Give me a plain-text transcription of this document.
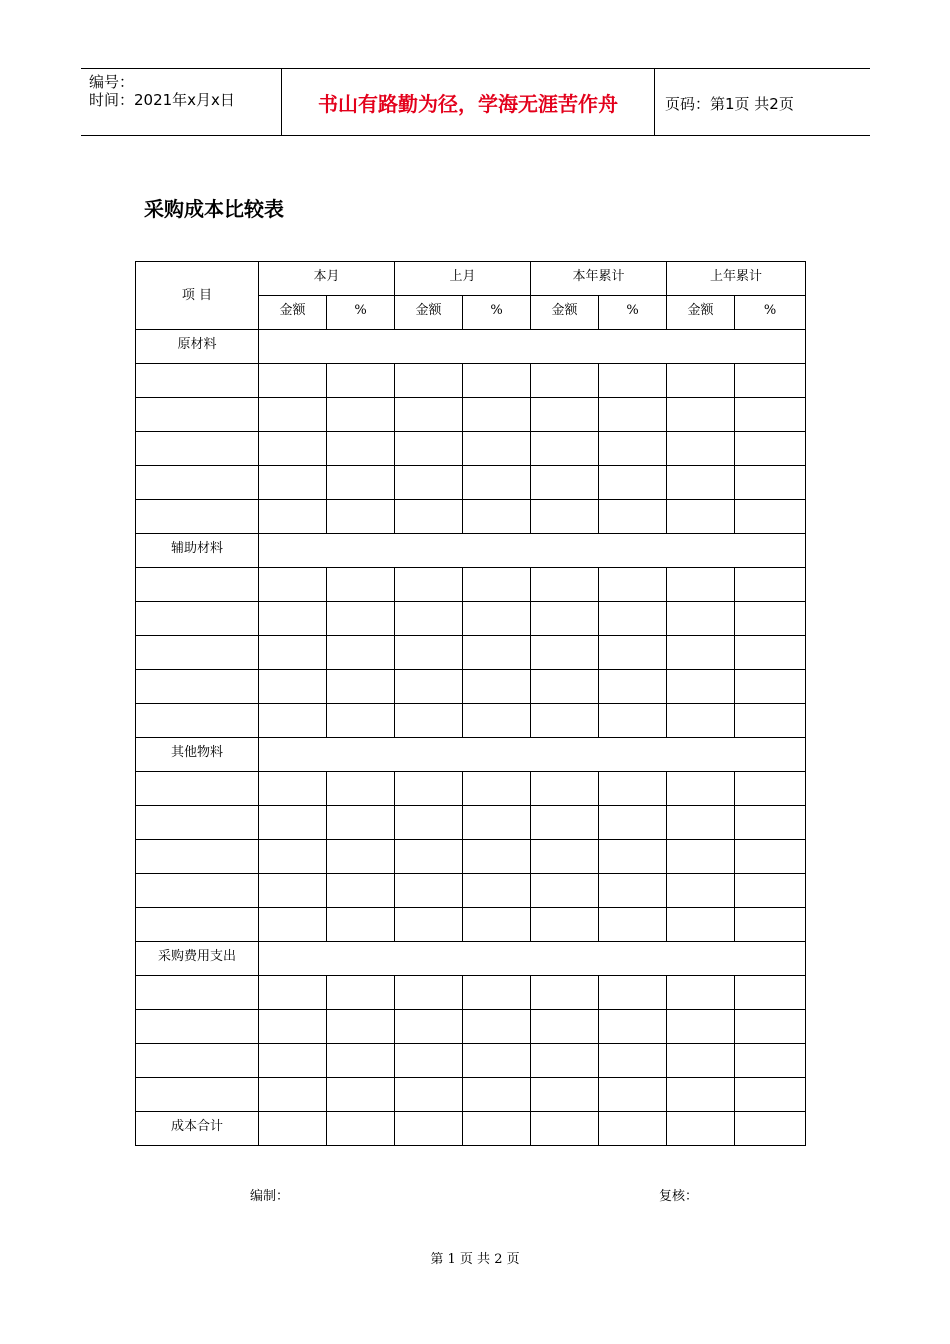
编号：
时间：2021年x月x日	书山有路勤为径，学海无涯苦作舟	页码：第1页 共2页
采购成本比较表
项 目	本月		上月		本年累计		上年累计	
	金额	%	金额	%	金额	%	金额	%
原材料								

辅助材料								

其他物料								

采购费用支出								

成本合计								
编制：	复核：
第 1 页 共 2 页
